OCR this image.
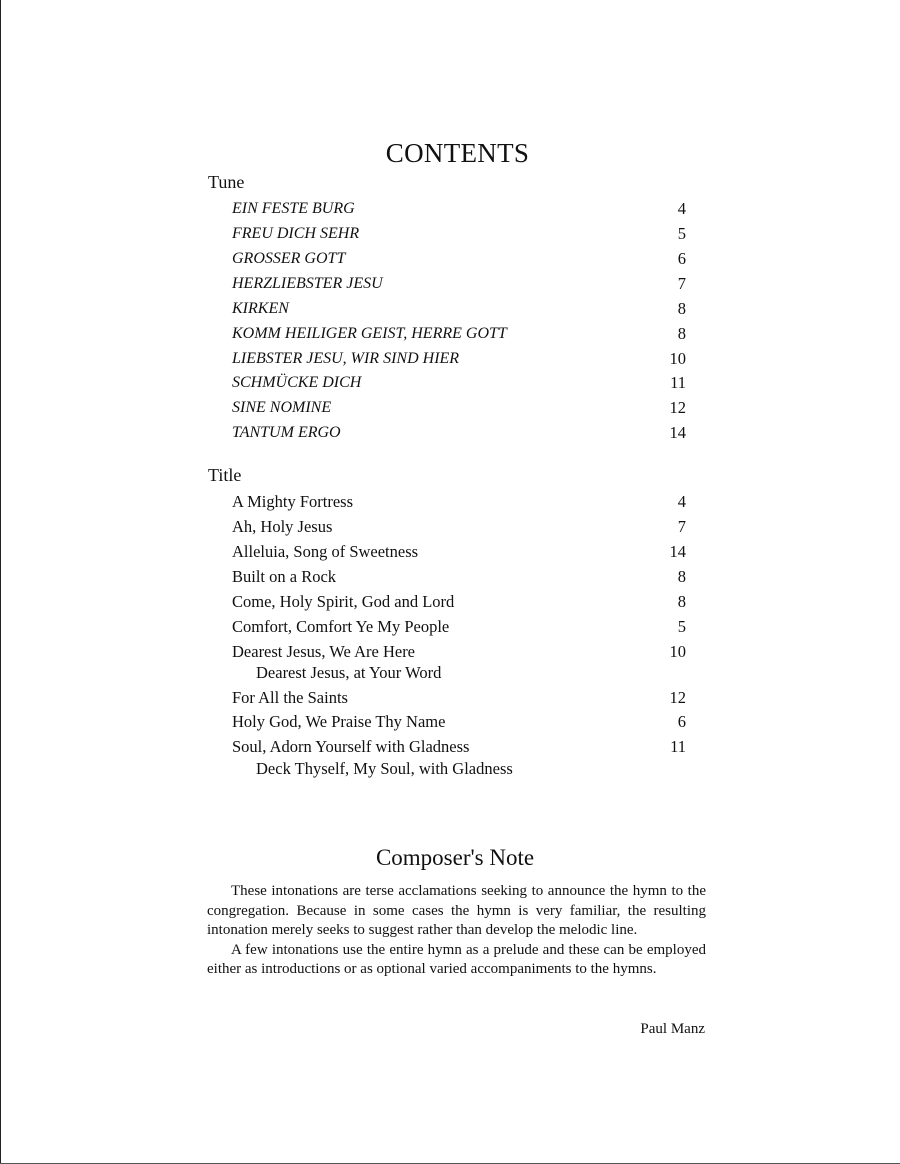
CONTENTS
Tune
EIN FESTE BURG	4
FREU DICH SEHR	5
GROSSER GOTT	6
HERZLIEBSTER JESU	7
KIRKEN	8
KOMM HEILIGER GEIST, HERRE GOTT	8
LIEBSTER JESU, WIR SIND HIER	10
SCHMÜCKE DICH	11
SINE NOMINE	12
TANTUM ERGO	14
Title
A Mighty Fortress	4
Ah, Holy Jesus	7
Alleluia, Song of Sweetness	14
Built on a Rock	8
Come, Holy Spirit, God and Lord	8
Comfort, Comfort Ye My People	5
Dearest Jesus, We Are Here	10
Dearest Jesus, at Your Word
For All the Saints	12
Holy God, We Praise Thy Name	6
Soul, Adorn Yourself with Gladness	11
Deck Thyself, My Soul, with Gladness
Composer's Note

These intonations are terse acclamations seeking to announce the hymn to the congregation. Because in some cases the hymn is very familiar, the resulting intonation merely seeks to suggest rather than develop the melodic line.

A few intonations use the entire hymn as a prelude and these can be employed either as introductions or as optional varied accompaniments to the hymns.

Paul Manz
